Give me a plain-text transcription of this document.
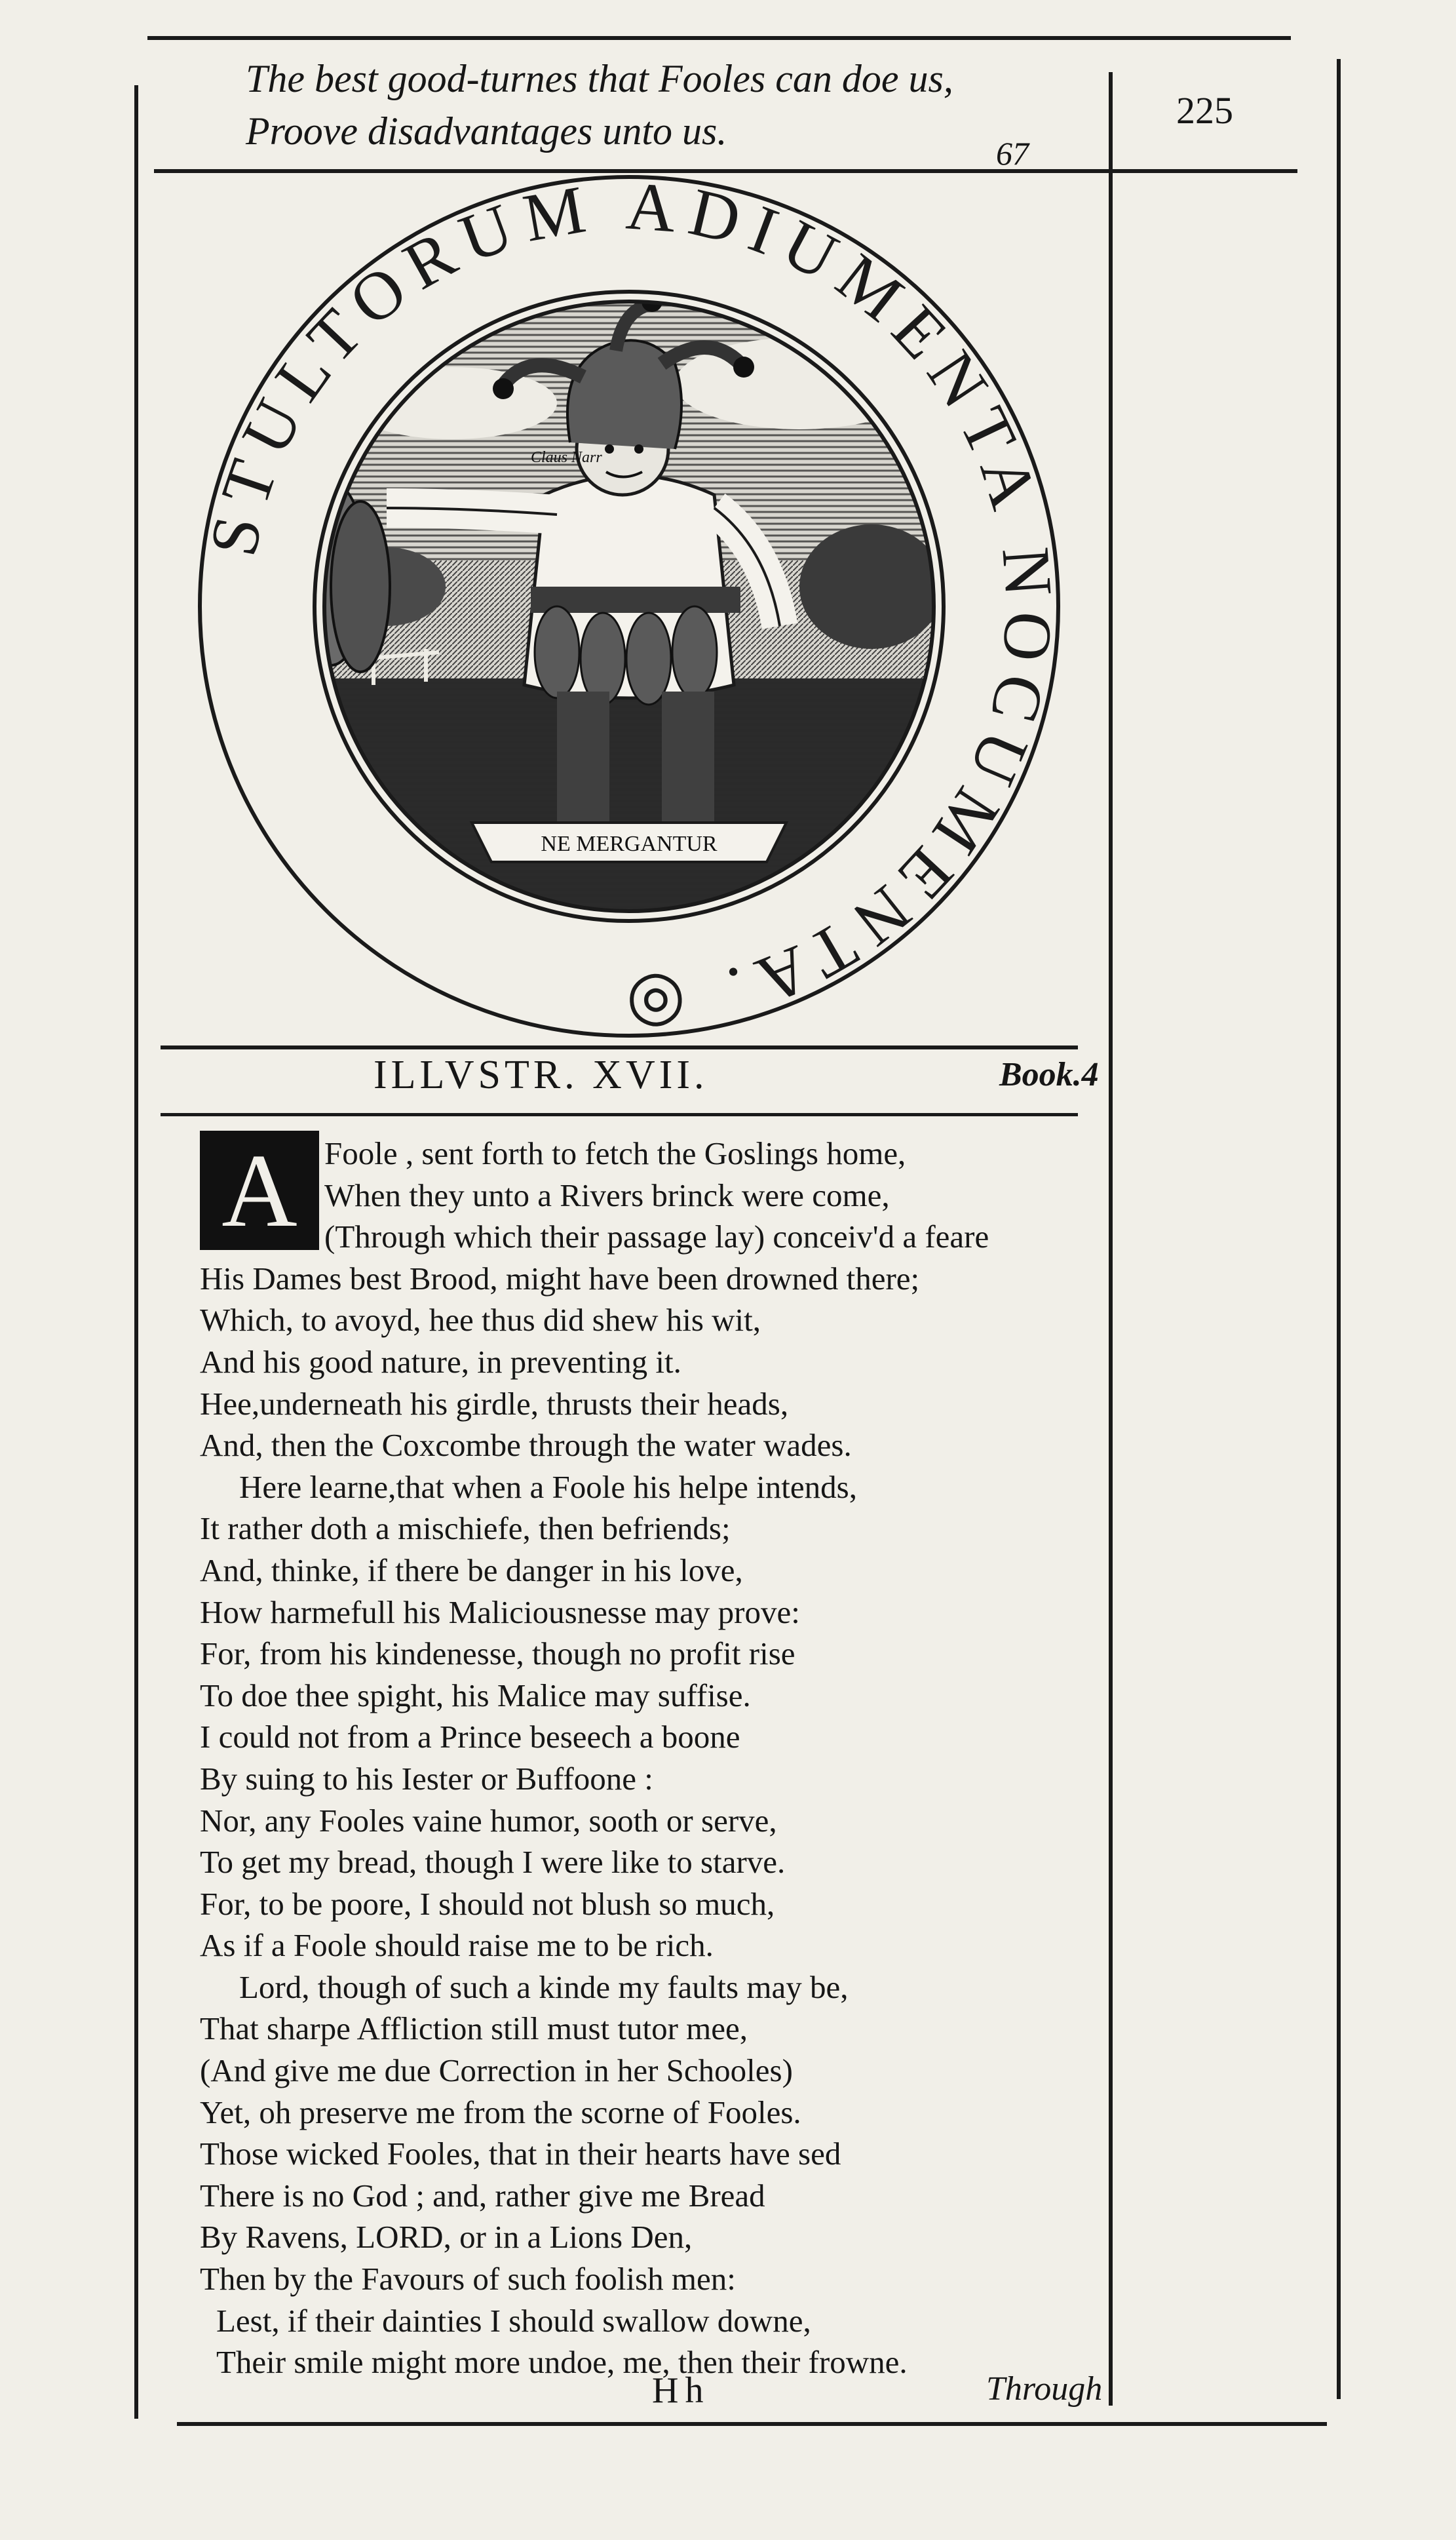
The best good-turnes that Fooles can doe us,
Proove disadvantages unto us.	225
67
STULTORUM ADIUMENTA NOCUMENTA. ◎
Claus Narr
NE MERGANTUR
ILLVSTR. XVII.	Book.4
A Foole , sent forth to fetch the Goslings home,
When they unto a Rivers brinck were come,
(Through which their passage lay) conceiv'd a feare
His Dames best Brood, might have been drowned there;
Which, to avoyd, hee thus did shew his wit,
And his good nature, in preventing it.
Hee,underneath his girdle, thrusts their heads,
And, then the Coxcombe through the water wades.
Here learne,that when a Foole his helpe intends,
It rather doth a mischiefe, then befriends;
And, thinke, if there be danger in his love,
How harmefull his Maliciousnesse may prove:
For, from his kindenesse, though no profit rise
To doe thee spight, his Malice may suffise.
I could not from a Prince beseech a boone
By suing to his Iester or Buffoone :
Nor, any Fooles vaine humor, sooth or serve,
To get my bread, though I were like to starve.
For, to be poore, I should not blush so much,
As if a Foole should raise me to be rich.
Lord, though of such a kinde my faults may be,
That sharpe Affliction still must tutor mee,
(And give me due Correction in her Schooles)
Yet, oh preserve me from the scorne of Fooles.
Those wicked Fooles, that in their hearts have sed
There is no God ; and, rather give me Bread
By Ravens, LORD, or in a Lions Den,
Then by the Favours of such foolish men:
Lest, if their dainties I should swallow downe,
Their smile might more undoe, me, then their frowne.
Hh	Through
